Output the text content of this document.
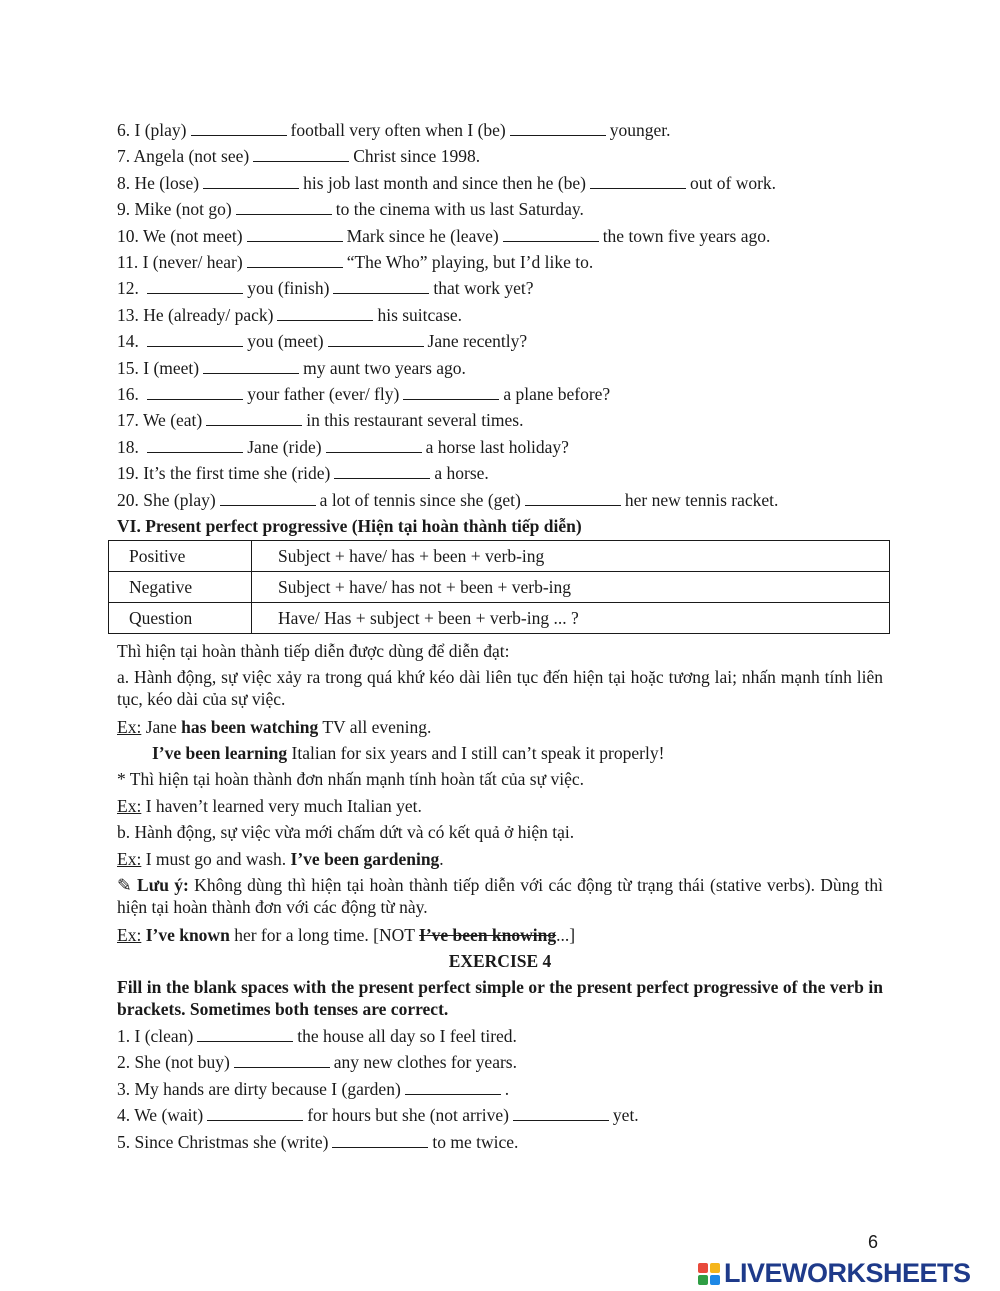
6. I (play)	football very often when I (be)	younger.
7. Angela (not see)	Christ since 1998.
8. He (lose)	his job last month and since then he (be)	out of work.
9. Mike (not go)	to the cinema with us last Saturday.
10. We (not meet)	Mark since he (leave)	the town five years ago.
11. I (never/ hear)	“The Who” playing, but I’d like to.
12.	you (finish)	that work yet?
13. He (already/ pack)	his suitcase.
14.	you (meet)	Jane recently?
15. I (meet)	my aunt two years ago.
16.	your father (ever/ fly)	a plane before?
17. We (eat)	in this restaurant several times.
18.	Jane (ride)	a horse last holiday?
19. It’s the first time she (ride)	a horse.
20. She (play)	a lot of tennis since she (get)	her new tennis racket.
VI. Present perfect progressive (Hiện tại hoàn thành tiếp diễn)
Positive	Subject + have/ has + been + verb-ing
Negative	Subject + have/ has not + been + verb-ing
Question	Have/ Has + subject + been + verb-ing ... ?
Thì hiện tại hoàn thành tiếp diễn được dùng để diễn đạt:
a. Hành động, sự việc xảy ra trong quá khứ kéo dài liên tục đến hiện tại hoặc tương lai; nhấn mạnh tính liên tục, kéo dài của sự việc.
Ex: Jane has been watching TV all evening.
I’ve been learning Italian for six years and I still can’t speak it properly!
* Thì hiện tại hoàn thành đơn nhấn mạnh tính hoàn tất của sự việc.
Ex: I haven’t learned very much Italian yet.
b. Hành động, sự việc vừa mới chấm dứt và có kết quả ở hiện tại.
Ex: I must go and wash. I’ve been gardening.
✎ Lưu ý: Không dùng thì hiện tại hoàn thành tiếp diễn với các động từ trạng thái (stative verbs). Dùng thì hiện tại hoàn thành đơn với các động từ này.
Ex: I’ve known her for a long time. [NOT I’ve been knowing...]
EXERCISE 4
Fill in the blank spaces with the present perfect simple or the present perfect progressive of the verb in brackets. Sometimes both tenses are correct.
1. I (clean)	the house all day so I feel tired.
2. She (not buy)	any new clothes for years.
3. My hands are dirty because I (garden)	.
4. We (wait)	for hours but she (not arrive)	yet.
5. Since Christmas she (write)	to me twice.
6
LIVEWORKSHEETS
